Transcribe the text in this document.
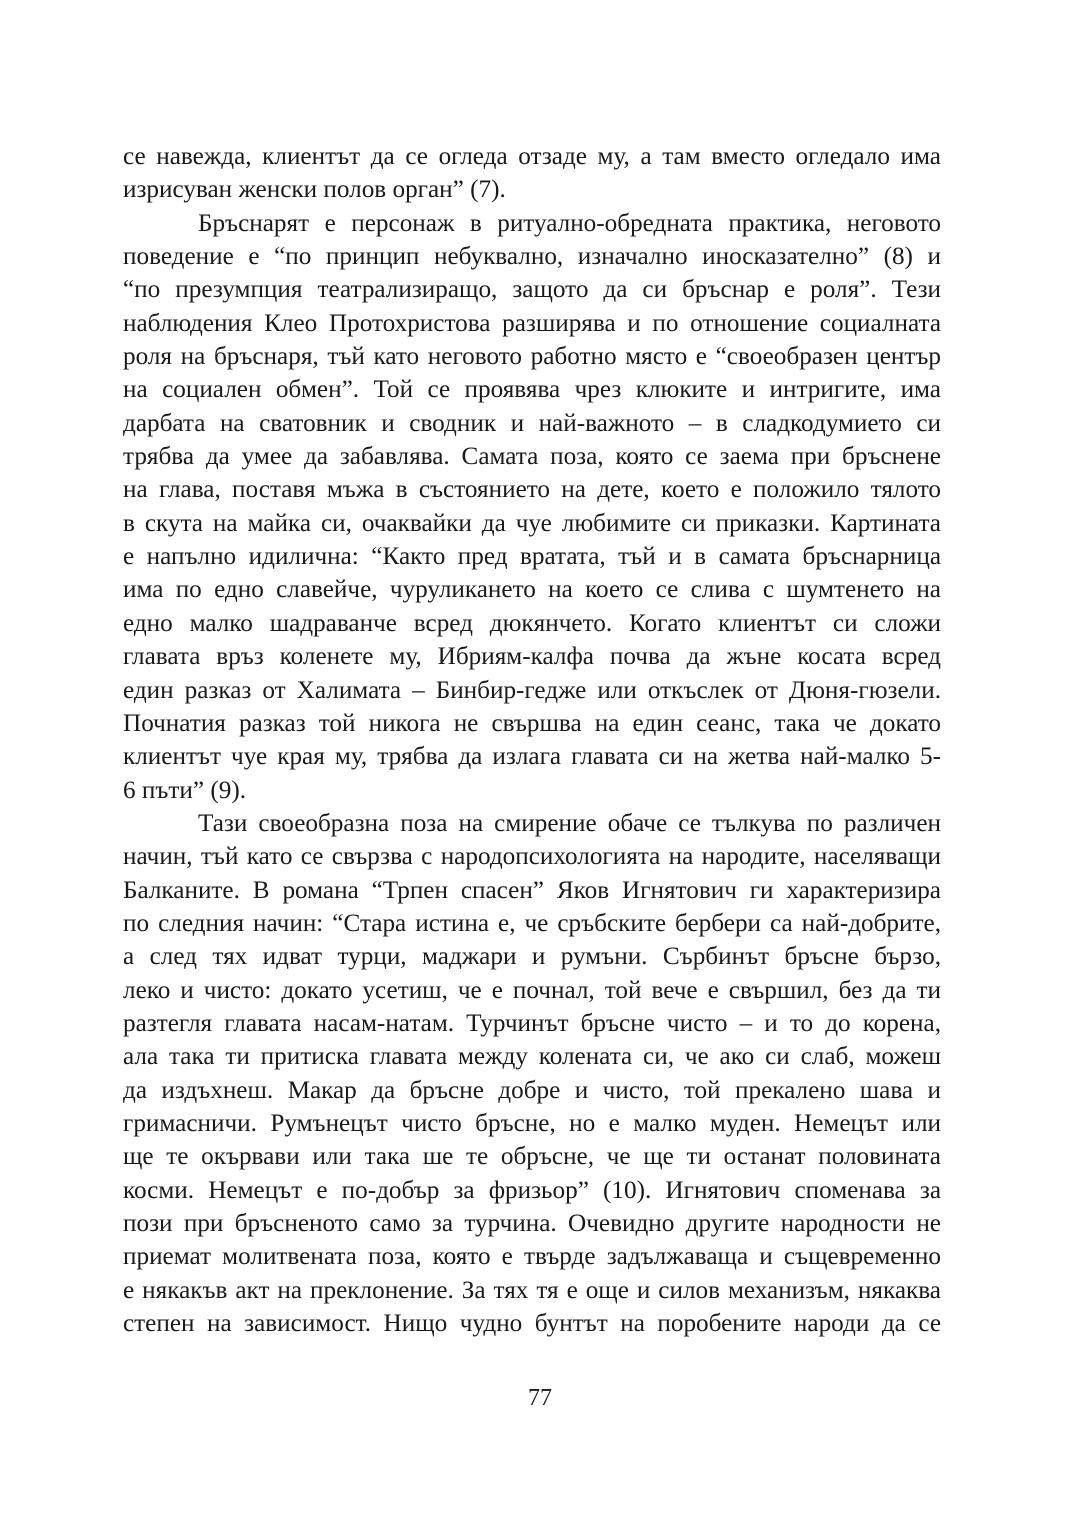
се навежда, клиентът да се огледа отзаде му, а там вместо огледало има
изрисуван женски полов орган” (7).
Бръснарят е персонаж в ритуално-обредната практика, неговото
поведение е “по принцип небуквално, изначално иносказателно” (8) и
“по презумпция театрализиращо, защото да си бръснар е роля”. Тези
наблюдения Клео Протохристова разширява и по отношение социалната
роля на бръснаря, тъй като неговото работно място е “своеобразен център
на социален обмен”. Той се проявява чрез клюките и интригите, има
дарбата на сватовник и сводник и най-важното – в сладкодумието си
трябва да умее да забавлява. Самата поза, която се заема при бръснене
на глава, поставя мъжа в състоянието на дете, което е положило тялото
в скута на майка си, очаквайки да чуе любимите си приказки. Картината
е напълно идилична: “Както пред вратата, тъй и в самата бръснарница
има по едно славейче, чуруликането на което се слива с шумтенето на
едно малко шадраванче всред дюкянчето. Когато клиентът си сложи
главата връз коленете му, Ибриям-калфа почва да жъне косата всред
един разказ от Халимата – Бинбир-гедже или откъслек от Дюня-гюзели.
Почнатия разказ той никога не свършва на един сеанс, така че докато
клиентът чуе края му, трябва да излага главата си на жетва най-малко 5-
6 пъти” (9).
Тази своеобразна поза на смирение обаче се тълкува по различен
начин, тъй като се свързва с народопсихологията на народите, населяващи
Балканите. В романа “Трпен спасен” Яков Игнятович ги характеризира
по следния начин: “Стара истина е, че сръбските бербери са най-добрите,
а след тях идват турци, маджари и румъни. Сърбинът бръсне бързо,
леко и чисто: докато усетиш, че е почнал, той вече е свършил, без да ти
разтегля главата насам-натам. Турчинът бръсне чисто – и то до корена,
ала така ти притиска главата между колената си, че ако си слаб, можеш
да издъхнеш. Макар да бръсне добре и чисто, той прекалено шава и
гримасничи. Румънецът чисто бръсне, но е малко муден. Немецът или
ще те окървави или така ше те обръсне, че ще ти останат половината
косми. Немецът е по-добър за фризьор” (10). Игнятович споменава за
пози при бръсненото само за турчина. Очевидно другите народности не
приемат молитвената поза, която е твърде задължаваща и същевременно
е някакъв акт на преклонение. За тях тя е още и силов механизъм, някаква
степен на зависимост. Нищо чудно бунтът на поробените народи да се
77
